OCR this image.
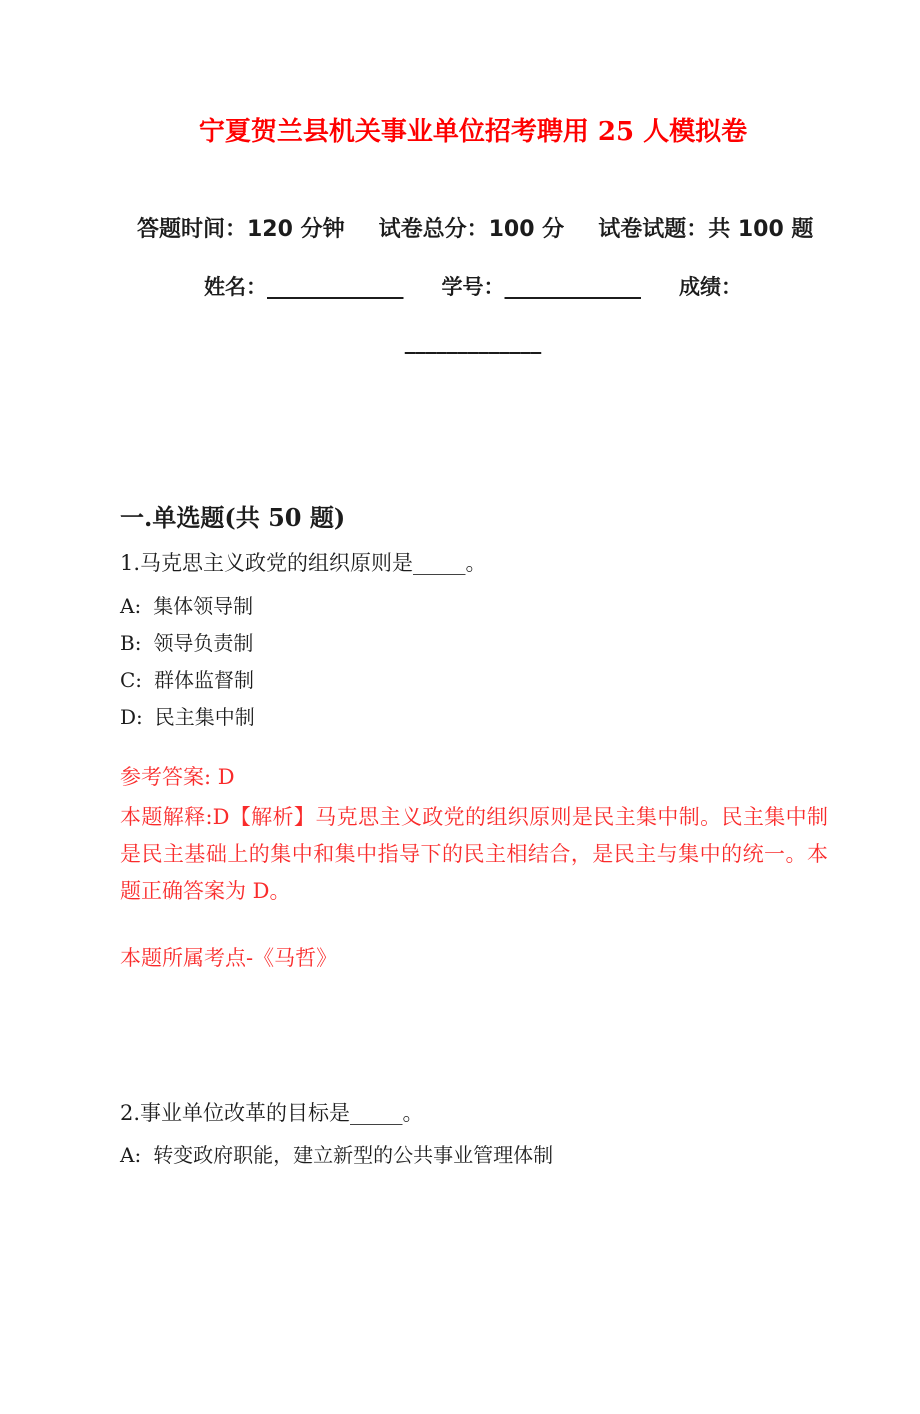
宁夏贺兰县机关事业单位招考聘用 25 人模拟卷
答题时间：120 分钟 试卷总分：100 分 试卷试题：共 100 题
姓名：_____________ 学号：_____________ 成绩：
_____________
一.单选题(共 50 题)
1.马克思主义政党的组织原则是_____。
A: 集体领导制
B: 领导负责制
C: 群体监督制
D: 民主集中制
参考答案: D
本题解释:D【解析】马克思主义政党的组织原则是民主集中制。民主集中制是民主基础上的集中和集中指导下的民主相结合，是民主与集中的统一。本题正确答案为 D。
本题所属考点-《马哲》
2.事业单位改革的目标是_____。
A: 转变政府职能，建立新型的公共事业管理体制
